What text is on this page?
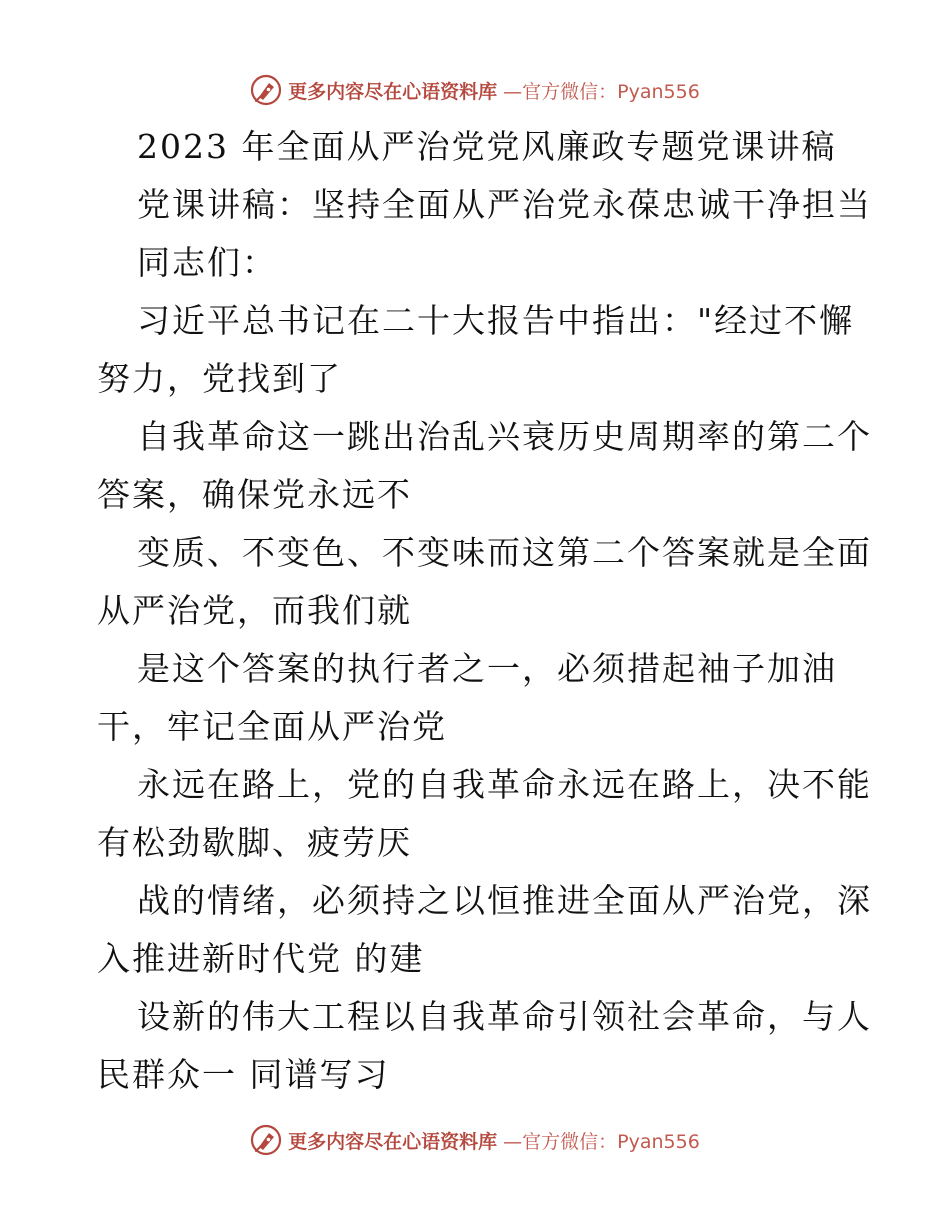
更多内容尽在心语资料库 —官方微信：Pyan556
2023 年全面从严治党党风廉政专题党课讲稿
党课讲稿：坚持全面从严治党永葆忠诚干净担当
同志们：
习近平总书记在二十大报告中指出："经过不懈
努力，党找到了
自我革命这一跳出治乱兴衰历史周期率的第二个
答案，确保党永远不
变质、不变色、不变味而这第二个答案就是全面
从严治党，而我们就
是这个答案的执行者之一，必须措起袖子加油
干，牢记全面从严治党
永远在路上，党的自我革命永远在路上，决不能
有松劲歇脚、疲劳厌
战的情绪，必须持之以恒推进全面从严治党，深
入推进新时代党 的建
设新的伟大工程以自我革命引领社会革命，与人
民群众一 同谱写习
更多内容尽在心语资料库 —官方微信：Pyan556
